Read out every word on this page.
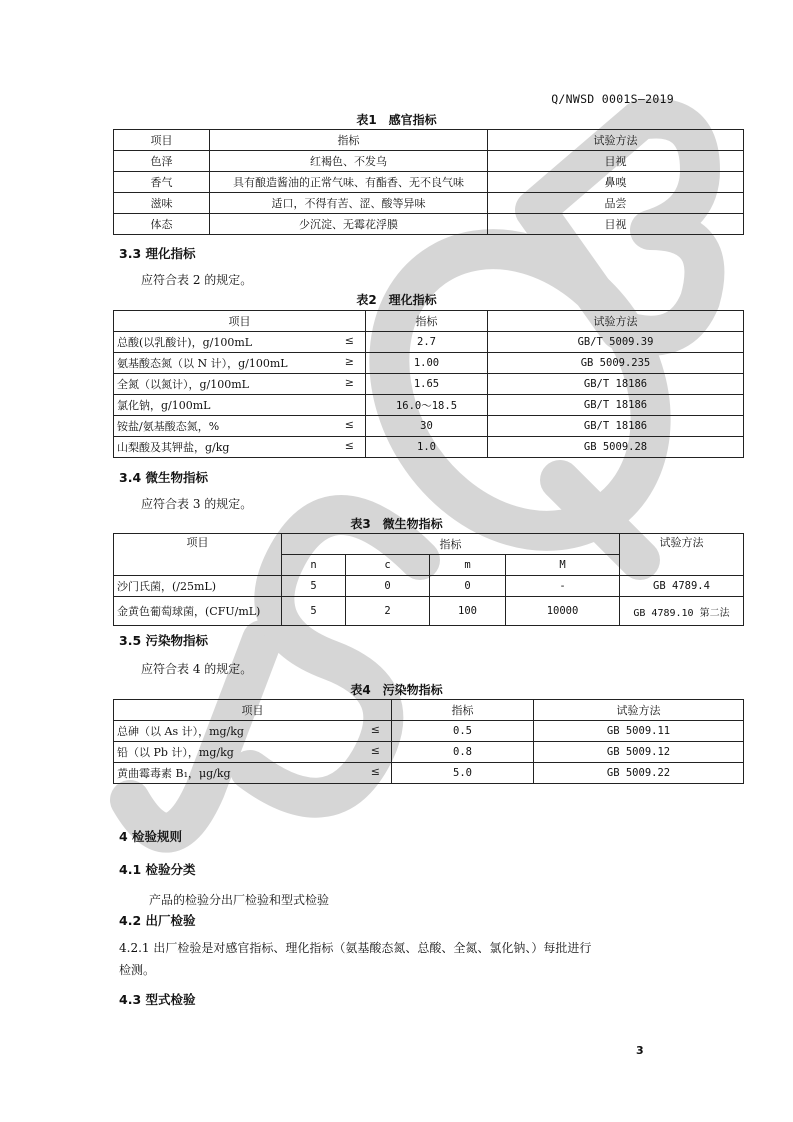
Q/NWSD 0001S—2019
表1　感官指标
项目	指标	试验方法
色泽	红褐色、不发乌	目视
香气	具有酿造酱油的正常气味、有酯香、无不良气味	鼻嗅
滋味	适口，不得有苦、涩、酸等异味	品尝
体态	少沉淀、无霉花浮膜	目视
3.3 理化指标
应符合表 2 的规定。
表2　理化指标
项目	指标	试验方法
总酸(以乳酸计)，g/100mL ≤	2.7	GB/T 5009.39
氨基酸态氮（以 N 计），g/100mL ≥	1.00	GB 5009.235
全氮（以氮计），g/100mL ≥	1.65	GB/T 18186
氯化钠，g/100mL	16.0～18.5	GB/T 18186
铵盐/氨基酸态氮，% ≤	30	GB/T 18186
山梨酸及其钾盐，g/kg ≤	1.0	GB 5009.28
3.4 微生物指标
应符合表 3 的规定。
表3　微生物指标
项目	指标				试验方法
	n	c	m	M	
沙门氏菌，(/25mL)	5	0	0	-	GB 4789.4
金黄色葡萄球菌，(CFU/mL)	5	2	100	10000	GB 4789.10 第二法
3.5 污染物指标
应符合表 4 的规定。
表4　污染物指标
项目	指标	试验方法
总砷（以 As 计），mg/kg ≤	0.5	GB 5009.11
铅（以 Pb 计），mg/kg ≤	0.8	GB 5009.12
黄曲霉毒素 B₁，μg/kg ≤	5.0	GB 5009.22
4 检验规则
4.1 检验分类
产品的检验分出厂检验和型式检验
4.2 出厂检验
4.2.1 出厂检验是对感官指标、理化指标（氨基酸态氮、总酸、全氮、氯化钠、）每批进行
检测。
4.3 型式检验
3
